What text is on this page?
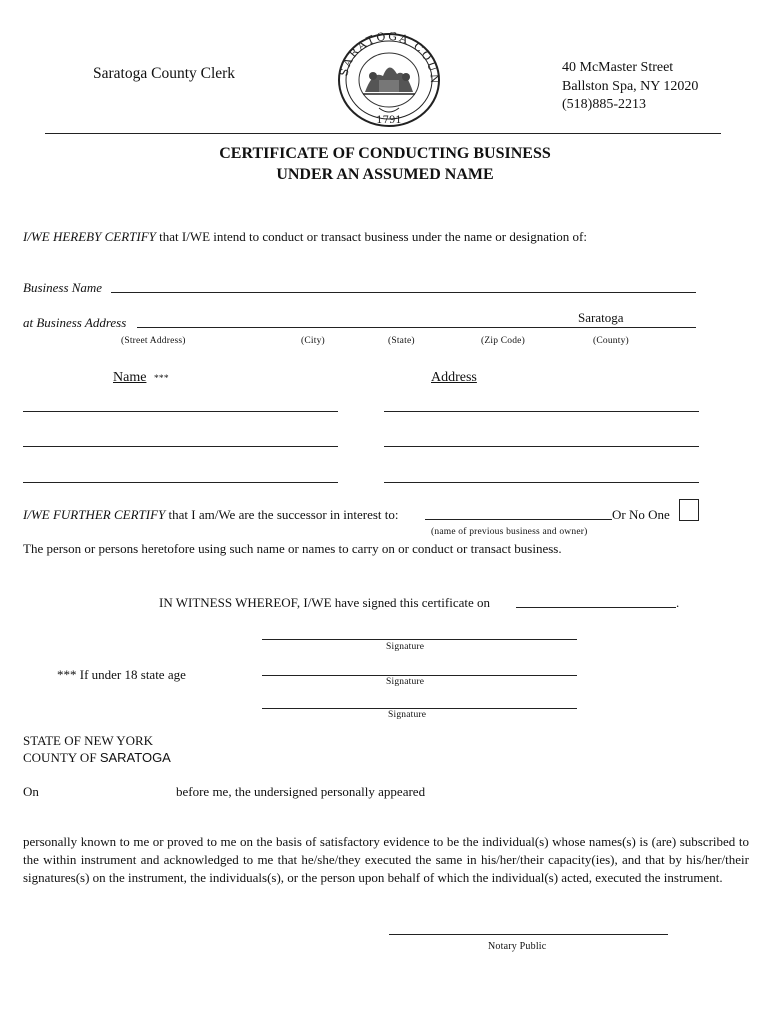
Saratoga County Clerk	SARATOGA COUN
1791
40 McMaster Street
Ballston Spa, NY 12020
(518)885-2213
CERTIFICATE OF CONDUCTING BUSINESS
UNDER AN ASSUMED NAME
I/WE HEREBY CERTIFY that I/WE intend to conduct or transact business under the name or designation of:
Business Name
at Business Address	Saratoga
(Street Address)	(City)	(State)	(Zip Code)	(County)
Name ***	Address
I/WE FURTHER CERTIFY that I am/We are the successor in interest to:	Or No One
(name of previous business and owner)
The person or persons heretofore using such name or names to carry on or conduct or transact business.
IN WITNESS WHEREOF, I/WE have signed this certificate on	.
Signature
*** If under 18 state age	Signature
Signature
STATE OF NEW YORK
COUNTY OF SARATOGA
On	before me, the undersigned personally appeared
personally known to me or proved to me on the basis of satisfactory evidence to be the individual(s) whose names(s) is (are) subscribed to the within instrument and acknowledged to me that he/she/they executed the same in his/her/their capacity(ies), and that by his/her/their signatures(s) on the instrument, the individuals(s), or the person upon behalf of which the individual(s) acted, executed the instrument.
Notary Public
